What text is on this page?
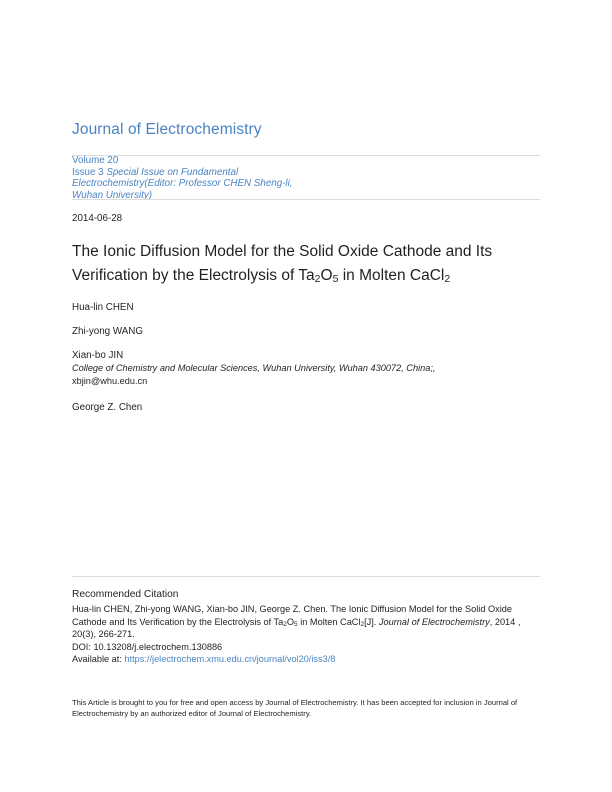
Journal of Electrochemistry
Volume 20
Issue 3 Special Issue on Fundamental Electrochemistry(Editor: Professor CHEN Sheng-li, Wuhan University)
2014-06-28
The Ionic Diffusion Model for the Solid Oxide Cathode and Its Verification by the Electrolysis of $Ta_2O_5$ in Molten CaCl$_2$
Hua-lin CHEN
Zhi-yong WANG
Xian-bo JIN
College of Chemistry and Molecular Sciences, Wuhan University, Wuhan 430072, China;,
xbjin@whu.edu.cn
George Z. Chen
Recommended Citation
Hua-lin CHEN, Zhi-yong WANG, Xian-bo JIN, George Z. Chen. The Ionic Diffusion Model for the Solid Oxide Cathode and Its Verification by the Electrolysis of $Ta_2O_5$ in Molten CaCl$_2$[J]. Journal of Electrochemistry, 2014 , 20(3), 266-271.
DOI: 10.13208/j.electrochem.130886
Available at: https://jelectrochem.xmu.edu.cn/journal/vol20/iss3/8
This Article is brought to you for free and open access by Journal of Electrochemistry. It has been accepted for inclusion in Journal of Electrochemistry by an authorized editor of Journal of Electrochemistry.
